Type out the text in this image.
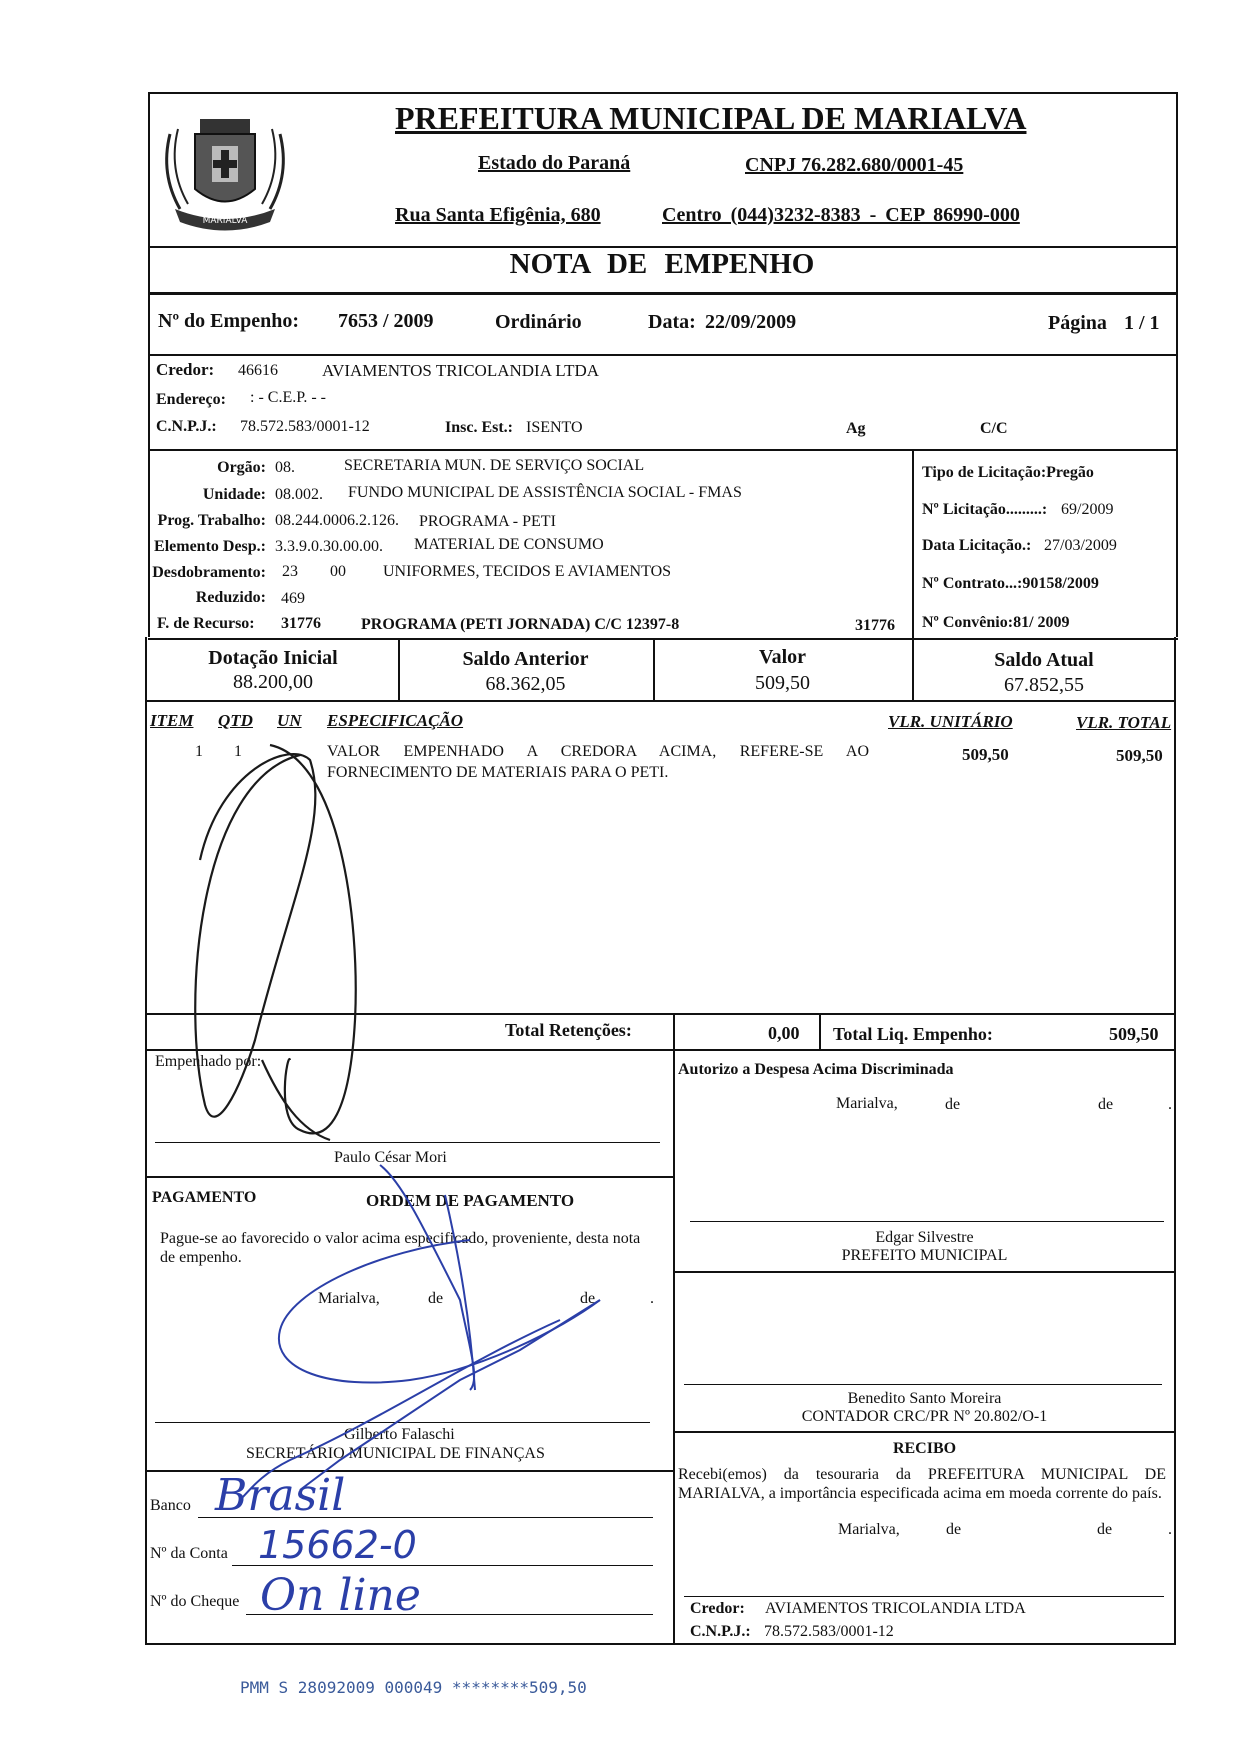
MARIALVA
PREFEITURA MUNICIPAL DE MARIALVA
Estado do Paraná	CNPJ 76.282.680/0001-45
Rua Santa Efigênia, 680	Centro (044)3232-8383 - CEP 86990-000
NOTA DE EMPENHO
Nº do Empenho: 7653 / 2009	Ordinário	Data: 22/09/2009	Página 1 / 1
Credor: 46616	AVIAMENTOS TRICOLANDIA LTDA
Endereço: : - C.E.P. - -
C.N.P.J.: 78.572.583/0001-12	Insc. Est.: ISENTO	Ag	C/C
Orgão: 08.	SECRETARIA MUN. DE SERVIÇO SOCIAL
Unidade: 08.002. FUNDO MUNICIPAL DE ASSISTÊNCIA SOCIAL - FMAS
Prog. Trabalho: 08.244.0006.2.126. PROGRAMA - PETI
Elemento Desp.: 3.3.9.0.30.00.00. MATERIAL DE CONSUMO
Desdobramento: 23 00 UNIFORMES, TECIDOS E AVIAMENTOS
Reduzido: 469
F. de Recurso: 31776	PROGRAMA (PETI JORNADA) C/C 12397-8	31776
Tipo de Licitação:Pregão
Nº Licitação.........: 69/2009
Data Licitação.: 27/03/2009
Nº Contrato...:90158/2009
Nº Convênio:81/ 2009
Dotação Inicial
88.200,00
Saldo Anterior
68.362,05
Valor
509,50
Saldo Atual
67.852,55
ITEM QTD UN ESPECIFICAÇÃO	VLR. UNITÁRIO	VLR. TOTAL
1 1	VALOR EMPENHADO A CREDORA ACIMA, REFERE-SE AO
FORNECIMENTO DE MATERIAIS PARA O PETI.
509,50	509,50
Total Retenções:	0,00 Total Liq. Empenho:	509,50
Empenhado por:
Paulo César Mori
PAGAMENTO	ORDEM DE PAGAMENTO
Pague-se ao favorecido o valor acima especificado, proveniente, desta nota de empenho.
Marialva,	de	de	.
Gilberto Falaschi
SECRETÁRIO MUNICIPAL DE FINANÇAS
Banco Brasil
Nº da Conta 15662-0
Nº do Cheque On line
Autorizo a Despesa Acima Discriminada
Marialva,	de	de	.
Edgar Silvestre
PREFEITO MUNICIPAL
Benedito Santo Moreira
CONTADOR CRC/PR Nº 20.802/O-1
RECIBO
Recebi(emos) da tesouraria da PREFEITURA MUNICIPAL DE MARIALVA, a importância especificada acima em moeda corrente do país.
Marialva,	de	de	.
Credor: AVIAMENTOS TRICOLANDIA LTDA
C.N.P.J.: 78.572.583/0001-12
PMM S 28092009 000049 ********509,50
